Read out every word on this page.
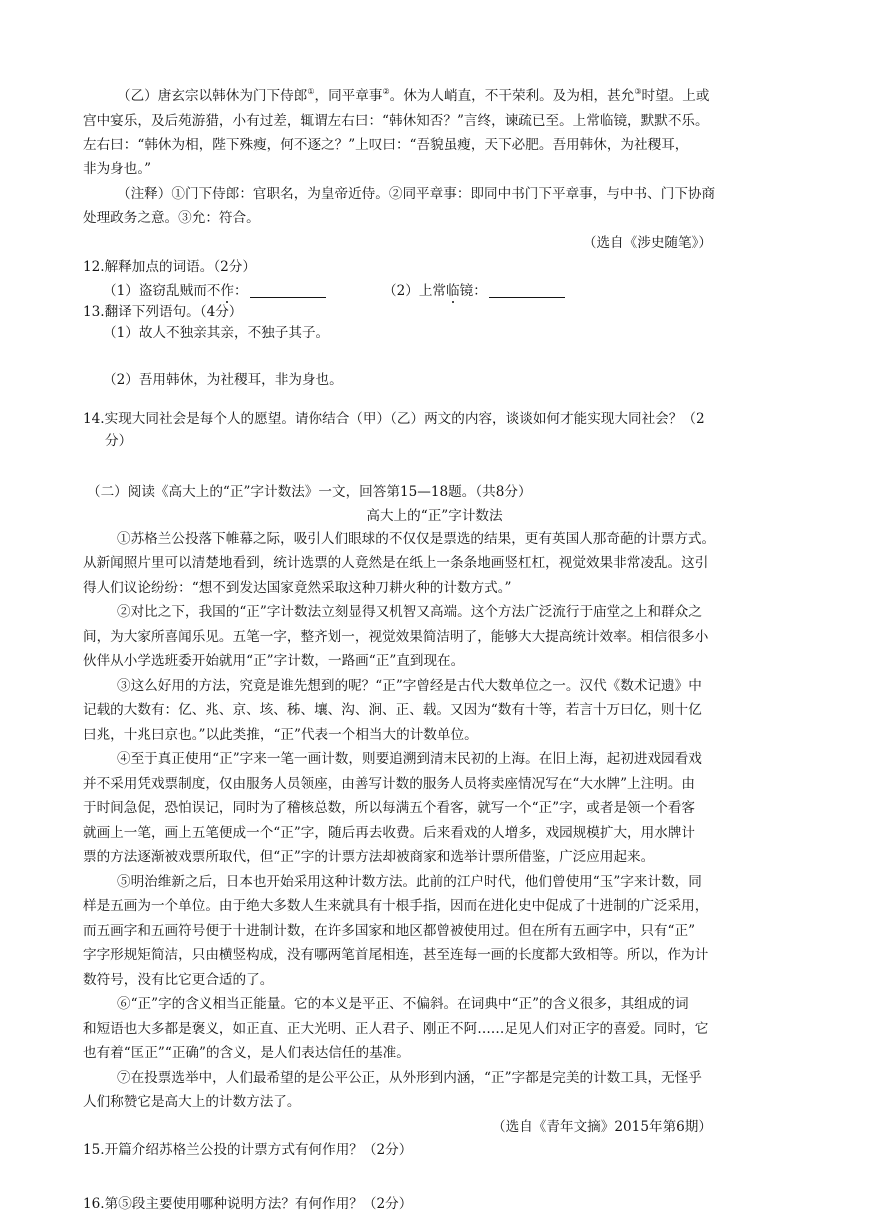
（乙）唐玄宗以韩休为门下侍郎①，同平章事②。休为人峭直，不干荣利。及为相，甚允③时望。上或
宫中宴乐，及后苑游猎，小有过差，辄谓左右曰：“韩休知否？”言终，谏疏已至。上常临镜，默默不乐。
左右曰：“韩休为相，陛下殊瘦，何不逐之？”上叹曰：“吾貌虽瘦，天下必肥。吾用韩休，为社稷耳，
非为身也。”
（注释）①门下侍郎：官职名，为皇帝近侍。②同平章事：即同中书门下平章事，与中书、门下协商
处理政务之意。③允：符合。
（选自《涉史随笔》）
12.解释加点的词语。（2分）
（1）盗窃乱贼而不作：	（2）上常临镜：
13.翻译下列语句。（4分）
（1）故人不独亲其亲，不独子其子。
（2）吾用韩休，为社稷耳，非为身也。
14.实现大同社会是每个人的愿望。请你结合（甲）（乙）两文的内容，谈谈如何才能实现大同社会？（2
分）
（二）阅读《高大上的“正”字计数法》一文，回答第15—18题。（共8分）
高大上的“正”字计数法
①苏格兰公投落下帷幕之际，吸引人们眼球的不仅仅是票选的结果，更有英国人那奇葩的计票方式。
从新闻照片里可以清楚地看到，统计选票的人竟然是在纸上一条条地画竖杠杠，视觉效果非常凌乱。这引
得人们议论纷纷：“想不到发达国家竟然采取这种刀耕火种的计数方式。”
②对比之下，我国的“正”字计数法立刻显得又机智又高端。这个方法广泛流行于庙堂之上和群众之
间，为大家所喜闻乐见。五笔一字，整齐划一，视觉效果简洁明了，能够大大提高统计效率。相信很多小
伙伴从小学选班委开始就用“正”字计数，一路画“正”直到现在。
③这么好用的方法，究竟是谁先想到的呢？“正”字曾经是古代大数单位之一。汉代《数术记遗》中
记载的大数有：亿、兆、京、垓、秭、壤、沟、涧、正、载。又因为“数有十等，若言十万曰亿，则十亿
曰兆，十兆曰京也。”以此类推，“正”代表一个相当大的计数单位。
④至于真正使用“正”字来一笔一画计数，则要追溯到清末民初的上海。在旧上海，起初进戏园看戏
并不采用凭戏票制度，仅由服务人员领座，由善写计数的服务人员将卖座情况写在“大水牌”上注明。由
于时间急促，恐怕误记，同时为了稽核总数，所以每满五个看客，就写一个“正”字，或者是领一个看客
就画上一笔，画上五笔便成一个“正”字，随后再去收费。后来看戏的人增多，戏园规模扩大，用水牌计
票的方法逐渐被戏票所取代，但“正”字的计票方法却被商家和选举计票所借鉴，广泛应用起来。
⑤明治维新之后，日本也开始采用这种计数方法。此前的江户时代，他们曾使用“玉”字来计数，同
样是五画为一个单位。由于绝大多数人生来就具有十根手指，因而在进化史中促成了十进制的广泛采用，
而五画字和五画符号便于十进制计数，在许多国家和地区都曾被使用过。但在所有五画字中，只有“正”
字字形规矩简洁，只由横竖构成，没有哪两笔首尾相连，甚至连每一画的长度都大致相等。所以，作为计
数符号，没有比它更合适的了。
⑥“正”字的含义相当正能量。它的本义是平正、不偏斜。在词典中“正”的含义很多，其组成的词
和短语也大多都是褒义，如正直、正大光明、正人君子、刚正不阿……足见人们对正字的喜爱。同时，它
也有着“匡正”“正确”的含义，是人们表达信任的基准。
⑦在投票选举中，人们最希望的是公平公正，从外形到内涵，“正”字都是完美的计数工具，无怪乎
人们称赞它是高大上的计数方法了。
（选自《青年文摘》2015年第6期）
15.开篇介绍苏格兰公投的计票方式有何作用？（2分）
16.第⑤段主要使用哪种说明方法？有何作用？（2分）
